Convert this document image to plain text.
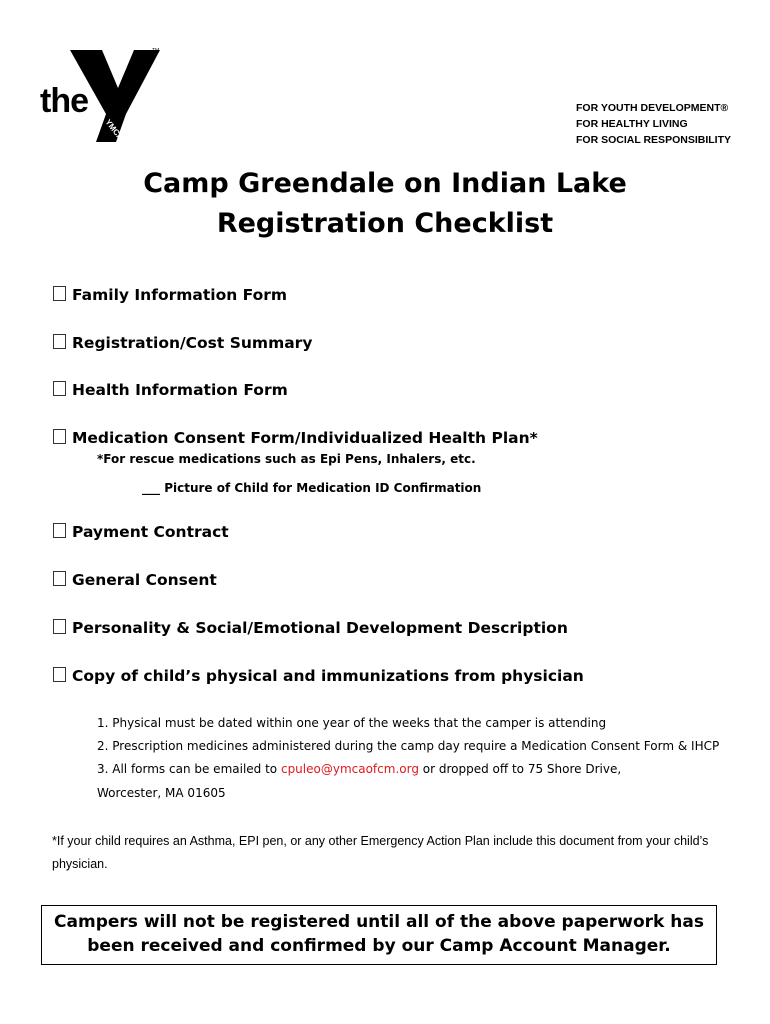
the
YMCA
TM
FOR YOUTH DEVELOPMENT®
FOR HEALTHY LIVING
FOR SOCIAL RESPONSIBILITY
Camp Greendale on Indian Lake
Registration Checklist
Family Information Form
Registration/Cost Summary
Health Information Form
Medication Consent Form/Individualized Health Plan*
*For rescue medications such as Epi Pens, Inhalers, etc.
___ Picture of Child for Medication ID Confirmation
Payment Contract
General Consent
Personality & Social/Emotional Development Description
Copy of child’s physical and immunizations from physician
1. Physical must be dated within one year of the weeks that the camper is attending
2. Prescription medicines administered during the camp day require a Medication Consent Form & IHCP
3. All forms can be emailed to cpuleo@ymcaofcm.org or dropped off to 75 Shore Drive,
Worcester, MA 01605
*If your child requires an Asthma, EPI pen, or any other Emergency Action Plan include this document from your child’s physician.
Campers will not be registered until all of the above paperwork has
been received and confirmed by our Camp Account Manager.
